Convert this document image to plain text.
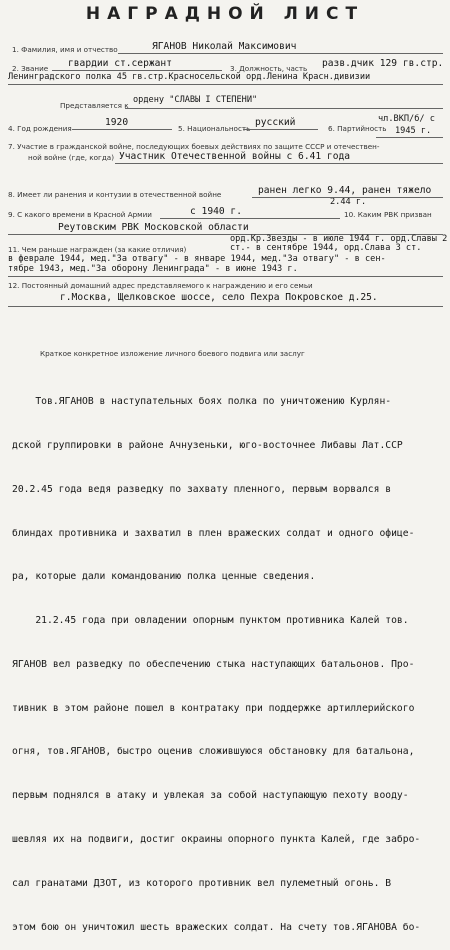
НАГРАДНОЙ ЛИСТ
1. Фамилия, имя и отчество	ЯГАНОВ Николай Максимович
2. Звание гвардии ст.сержант	3. Должность, часть разв.дчик 129 гв.стр.
Ленинградского полка 45 гв.стр.Красносельской орд.Ленина Красн.дивизии
Представляется к
ордену "СЛАВЫ I СТЕПЕНИ"
4. Год рождения
1920
5. Национальность
русский
6. Партийность
чл.ВКП/б/ с
1945 г.
7. Участие в гражданской войне, последующих боевых действиях по защите СССР и отечествен-
ной войне (где, когда) Участник Отечественной войны с 6.41 года
8. Имеет ли ранения и контузии в отечественной войне	ранен легко 9.44, ранен тяжело
2.44 г.
9. С какого времени в Красной Армии	с 1940 г.	10. Каким РВК призван
Реутовским РВК Московской области
орд.Кр.Звезды - в июле 1944 г. орд.Славы 2
11. Чем раньше награжден (за какие отличия)	ст.- в сентябре 1944, орд.Слава 3 ст.
в феврале 1944, мед."За отвагу" - в январе 1944, мед."За отвагу" - в сен-
тябре 1943, мед."За оборону Ленинграда" - в июне 1943 г.
12. Постоянный домашний адрес представляемого к награждению и его семьи
г.Москва, Щелковское шоссе, село Пехра Покровское д.25.
Краткое конкретное изложение личного боевого подвига или заслуг

Тов.ЯГАНОВ в наступательных боях полка по уничтожению Курлян-

дской группировки в районе Ачнузеньки, юго-восточнее Либавы Лат.ССР

20.2.45 года ведя разведку по захвату пленного, первым ворвался в

блиндах противника и захватил в плен вражеских солдат и одного офице-

ра, которые дали командованию полка ценные сведения.

21.2.45 года при овладении опорным пунктом противника Калей тов.

ЯГАНОВ вел разведку по обеспечению стыка наступающих батальонов. Про-

тивник в этом районе пошел в контратаку при поддержке артиллерийского

огня, тов.ЯГАНОВ, быстро оценив сложившуюся обстановку для батальона,

первым поднялся в атаку и увлекая за собой наступающую пехоту вооду-

шевляя их на подвиги, достиг окраины опорного пункта Калей, где забро-

сал гранатами ДЗОТ, из которого противник вел пулеметный огонь. В

этом бою он уничтожил шесть вражеских солдат. На счету тов.ЯГАНОВА бо-
